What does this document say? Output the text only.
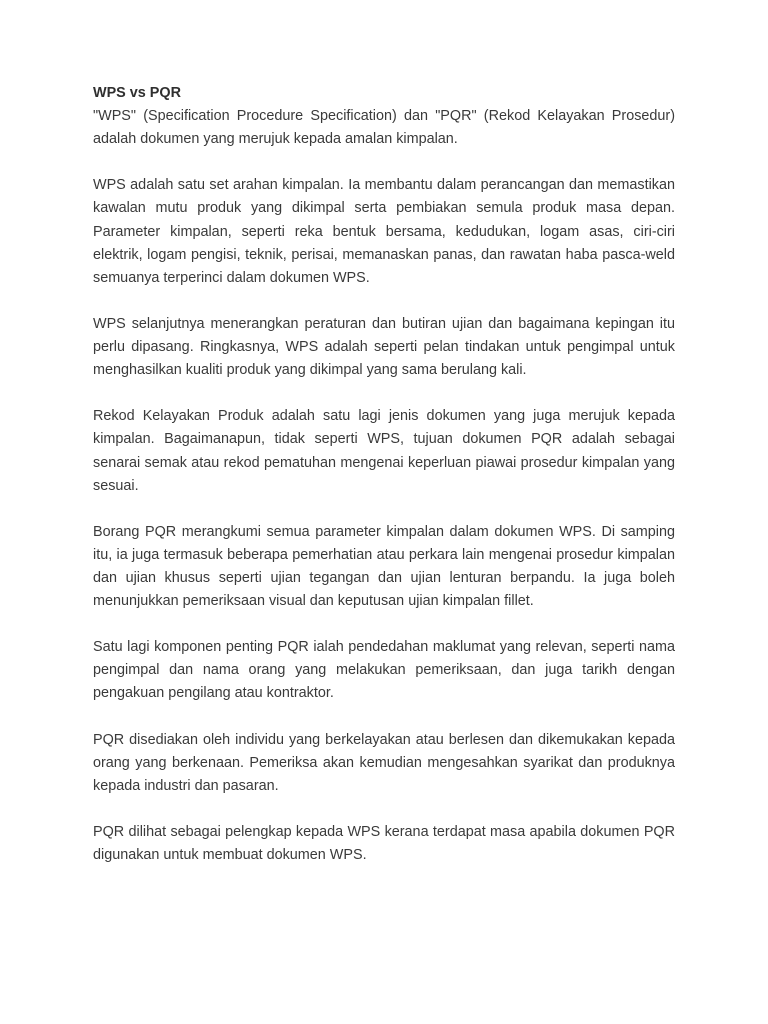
WPS vs PQR

"WPS" (Specification Procedure Specification) dan "PQR" (Rekod Kelayakan Prosedur) adalah dokumen yang merujuk kepada amalan kimpalan.

WPS adalah satu set arahan kimpalan. Ia membantu dalam perancangan dan memastikan kawalan mutu produk yang dikimpal serta pembiakan semula produk masa depan. Parameter kimpalan, seperti reka bentuk bersama, kedudukan, logam asas, ciri-ciri elektrik, logam pengisi, teknik, perisai, memanaskan panas, dan rawatan haba pasca-weld semuanya terperinci dalam dokumen WPS.

WPS selanjutnya menerangkan peraturan dan butiran ujian dan bagaimana kepingan itu perlu dipasang. Ringkasnya, WPS adalah seperti pelan tindakan untuk pengimpal untuk menghasilkan kualiti produk yang dikimpal yang sama berulang kali.

Rekod Kelayakan Produk adalah satu lagi jenis dokumen yang juga merujuk kepada kimpalan. Bagaimanapun, tidak seperti WPS, tujuan dokumen PQR adalah sebagai senarai semak atau rekod pematuhan mengenai keperluan piawai prosedur kimpalan yang sesuai.

Borang PQR merangkumi semua parameter kimpalan dalam dokumen WPS. Di samping itu, ia juga termasuk beberapa pemerhatian atau perkara lain mengenai prosedur kimpalan dan ujian khusus seperti ujian tegangan dan ujian lenturan berpandu. Ia juga boleh menunjukkan pemeriksaan visual dan keputusan ujian kimpalan fillet.

Satu lagi komponen penting PQR ialah pendedahan maklumat yang relevan, seperti nama pengimpal dan nama orang yang melakukan pemeriksaan, dan juga tarikh dengan pengakuan pengilang atau kontraktor.

PQR disediakan oleh individu yang berkelayakan atau berlesen dan dikemukakan kepada orang yang berkenaan. Pemeriksa akan kemudian mengesahkan syarikat dan produknya kepada industri dan pasaran.

PQR dilihat sebagai pelengkap kepada WPS kerana terdapat masa apabila dokumen PQR digunakan untuk membuat dokumen WPS.
